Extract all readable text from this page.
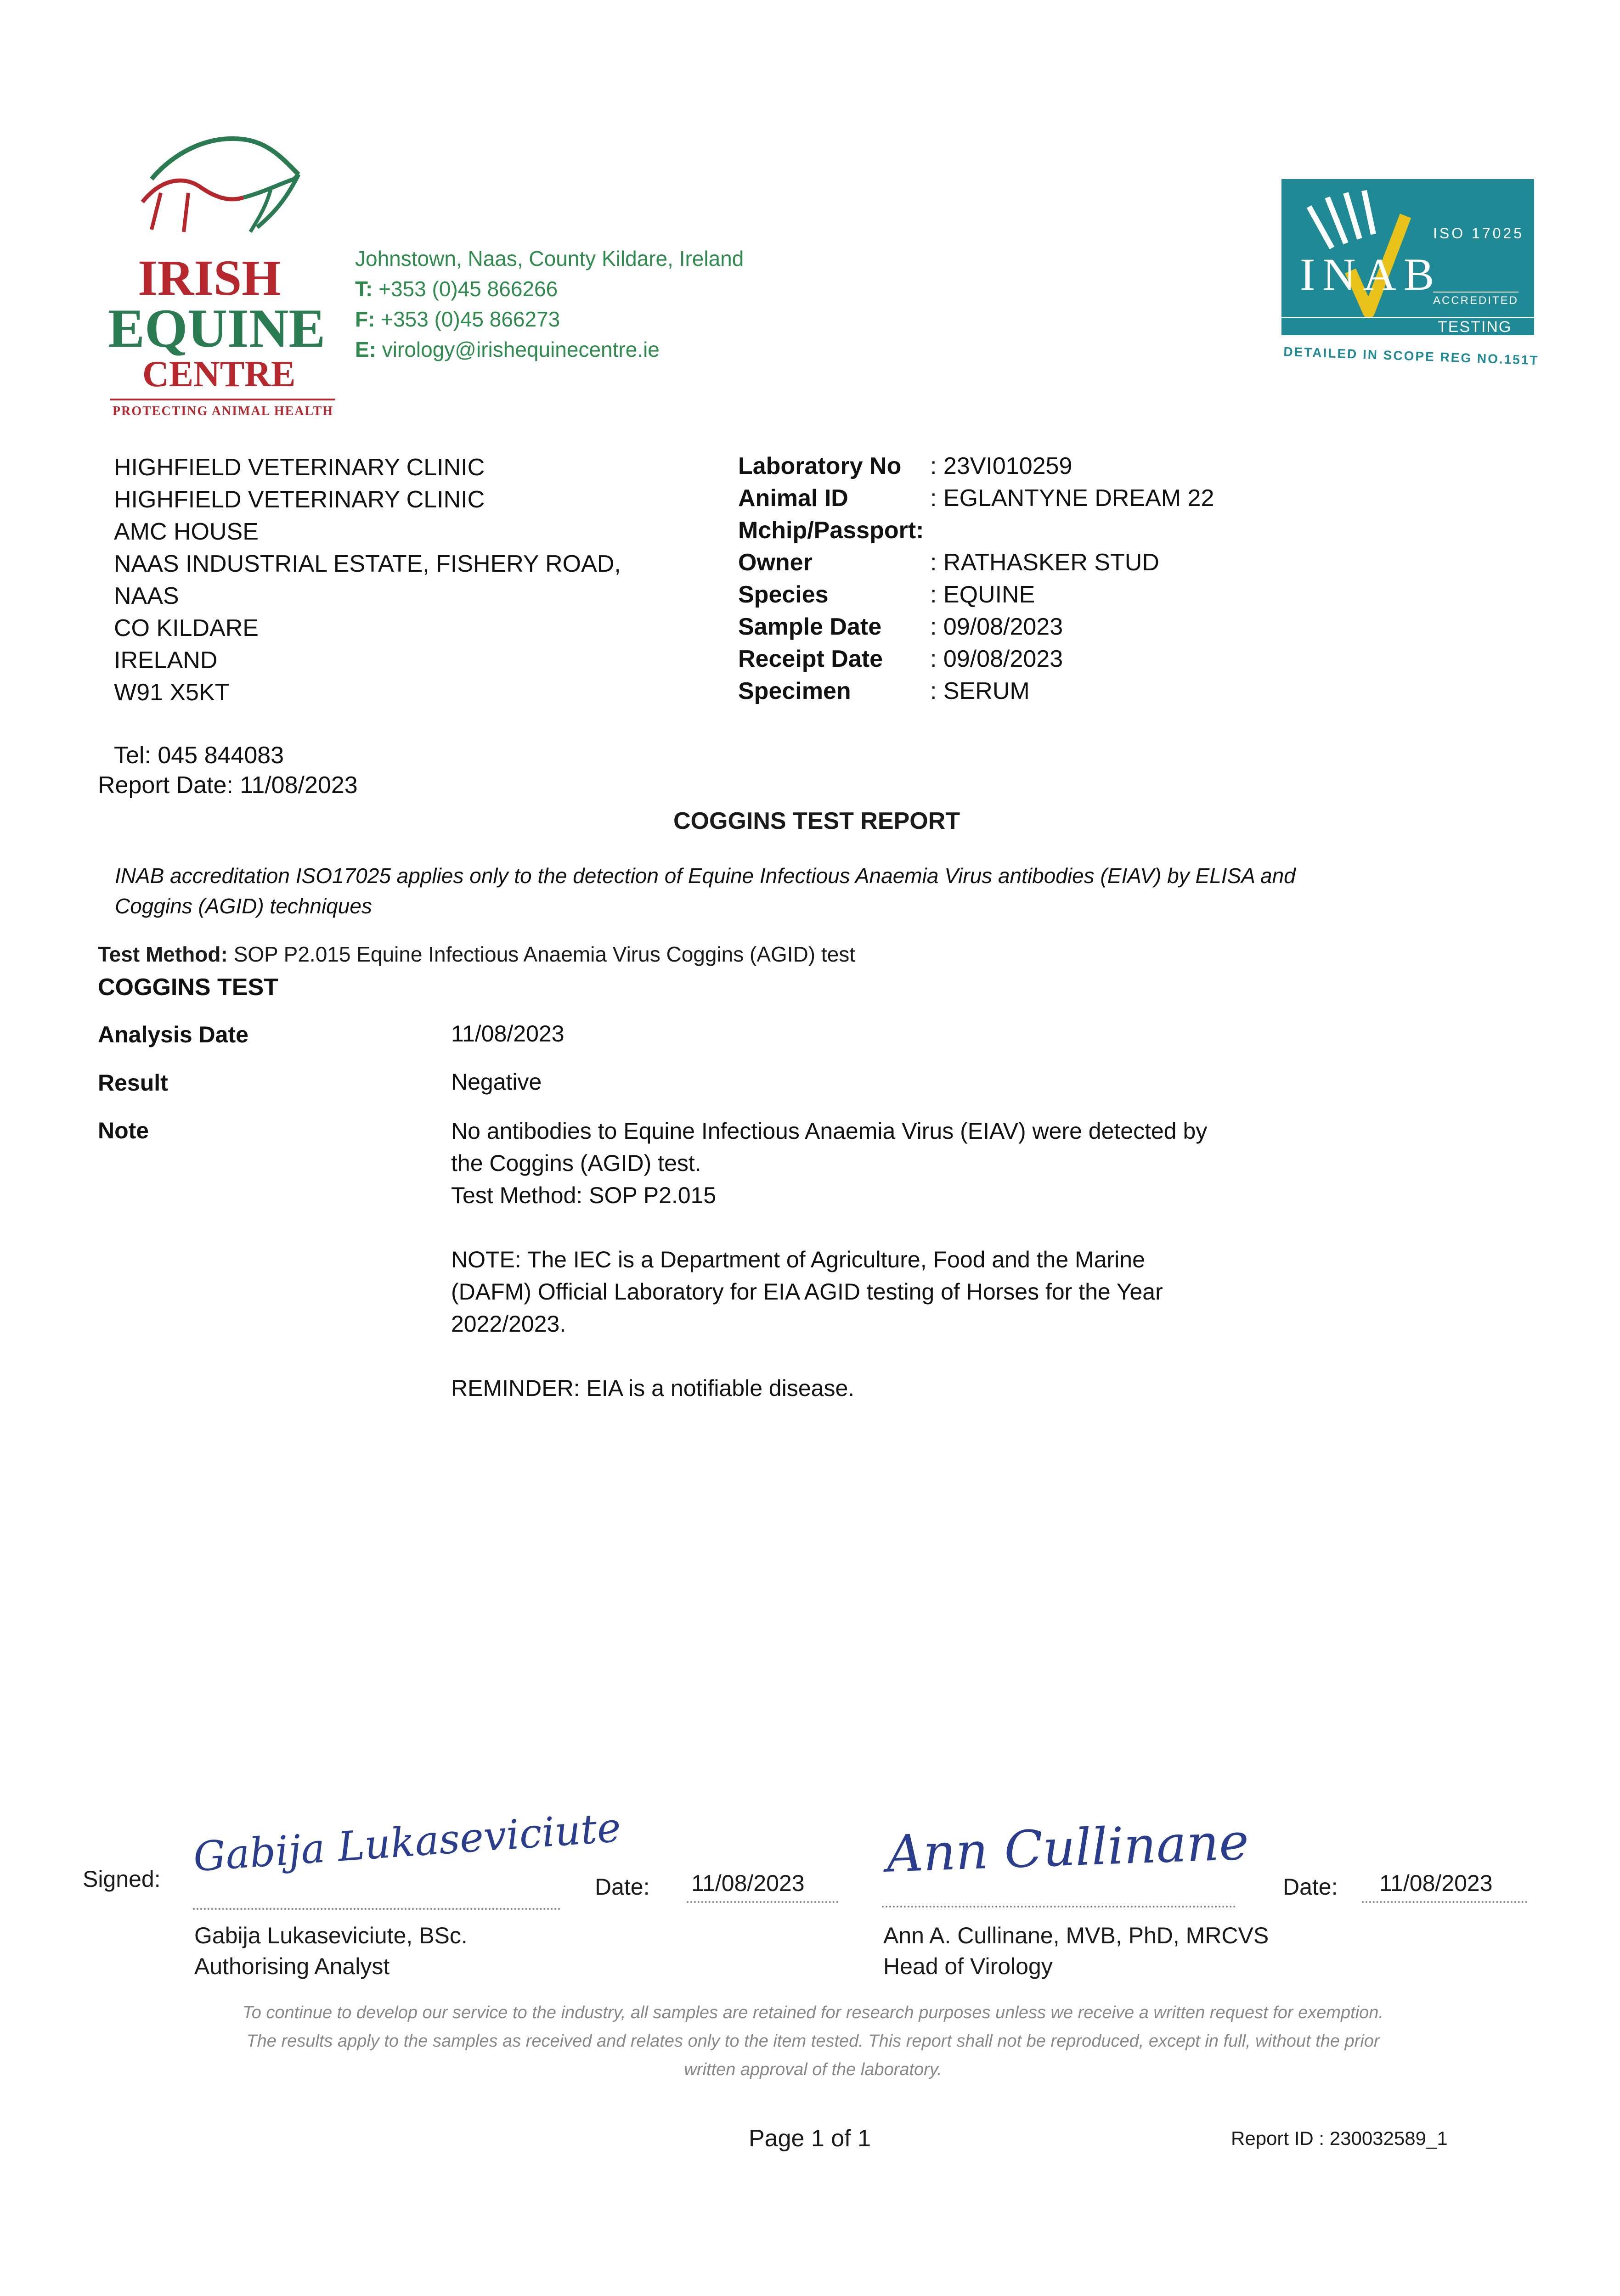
IRISH
EQUINE
CENTRE
PROTECTING ANIMAL HEALTH
Johnstown, Naas, County Kildare, Ireland
T: +353 (0)45 866266
F: +353 (0)45 866273
E: virology@irishequinecentre.ie
ISO 17025
INAB
ACCREDITED
TESTING
DETAILED IN SCOPE REG NO.151T
HIGHFIELD VETERINARY CLINIC
HIGHFIELD VETERINARY CLINIC
AMC HOUSE
NAAS INDUSTRIAL ESTATE, FISHERY ROAD,
NAAS
CO KILDARE
IRELAND
W91 X5KT
Tel: 045 844083
Report Date: 11/08/2023
Laboratory No : 23VI010259
Animal ID	: EGLANTYNE DREAM 22
Mchip/Passport:
Owner	: RATHASKER STUD
Species	: EQUINE
Sample Date : 09/08/2023
Receipt Date : 09/08/2023
Specimen	: SERUM
COGGINS TEST REPORT
INAB accreditation ISO17025 applies only to the detection of Equine Infectious Anaemia Virus antibodies (EIAV) by ELISA and
Coggins (AGID) techniques
Test Method: SOP P2.015 Equine Infectious Anaemia Virus Coggins (AGID) test
COGGINS TEST
Analysis Date	11/08/2023
Result	Negative
Note	No antibodies to Equine Infectious Anaemia Virus (EIAV) were detected by
the Coggins (AGID) test.
Test Method: SOP P2.015
NOTE: The IEC is a Department of Agriculture, Food and the Marine
(DAFM) Official Laboratory for EIA AGID testing of Horses for the Year
2022/2023.
REMINDER: EIA is a notifiable disease.
Signed: Gabija Lukaseviciute
Date: 11/08/2023
Gabija Lukaseviciute, BSc.
Authorising Analyst
Ann Cullinane
Date: 11/08/2023
Ann A. Cullinane, MVB, PhD, MRCVS
Head of Virology
To continue to develop our service to the industry, all samples are retained for research purposes unless we receive a written request for exemption.
The results apply to the samples as received and relates only to the item tested. This report shall not be reproduced, except in full, without the prior
written approval of the laboratory.
Page 1 of 1	Report ID : 230032589_1
